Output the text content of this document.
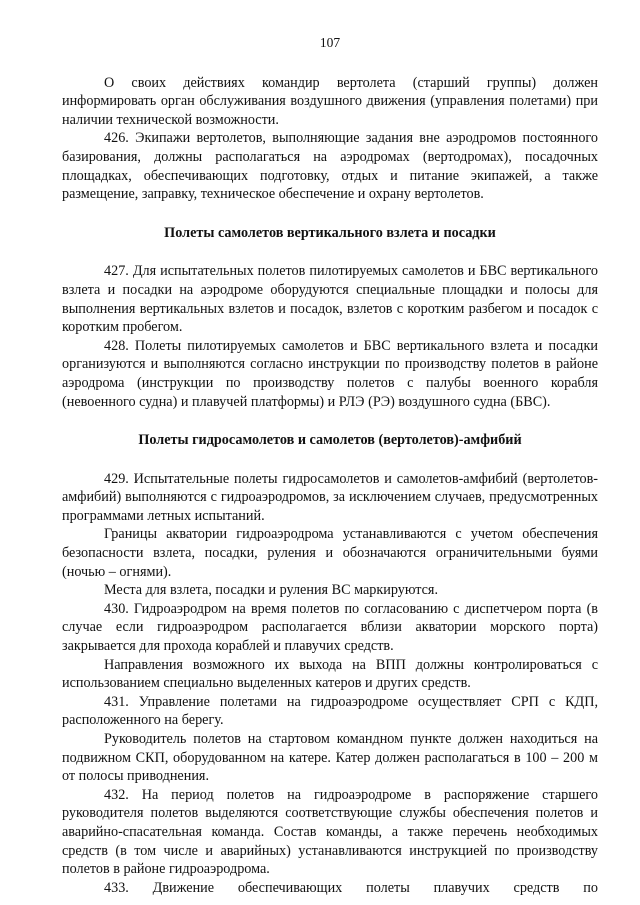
107

О своих действиях командир вертолета (старший группы) должен информировать орган обслуживания воздушного движения (управления полетами) при наличии технической возможности.

426. Экипажи вертолетов, выполняющие задания вне аэродромов постоянного базирования, должны располагаться на аэродромах (вертодромах), посадочных площадках, обеспечивающих подготовку, отдых и питание экипажей, а также размещение, заправку, техническое обеспечение и охрану вертолетов.

Полеты самолетов вертикального взлета и посадки

427. Для испытательных полетов пилотируемых самолетов и БВС вертикального взлета и посадки на аэродроме оборудуются специальные площадки и полосы для выполнения вертикальных взлетов и посадок, взлетов с коротким разбегом и посадок с коротким пробегом.

428. Полеты пилотируемых самолетов и БВС вертикального взлета и посадки организуются и выполняются согласно инструкции по производству полетов в районе аэродрома (инструкции по производству полетов с палубы военного корабля (невоенного судна) и плавучей платформы) и РЛЭ (РЭ) воздушного судна (БВС).

Полеты гидросамолетов и самолетов (вертолетов)-амфибий

429. Испытательные полеты гидросамолетов и самолетов-амфибий (вертолетов-амфибий) выполняются с гидроаэродромов, за исключением случаев, предусмотренных программами летных испытаний.

Границы акватории гидроаэродрома устанавливаются с учетом обеспечения безопасности взлета, посадки, руления и обозначаются ограничительными буями (ночью – огнями).

Места для взлета, посадки и руления ВС маркируются.

430. Гидроаэродром на время полетов по согласованию с диспетчером порта (в случае если гидроаэродром располагается вблизи акватории морского порта) закрывается для прохода кораблей и плавучих средств.

Направления возможного их выхода на ВПП должны контролироваться с использованием специально выделенных катеров и других средств.

431. Управление полетами на гидроаэродроме осуществляет СРП с КДП, расположенного на берегу.

Руководитель полетов на стартовом командном пункте должен находиться на подвижном СКП, оборудованном на катере. Катер должен располагаться в 100 – 200 м от полосы приводнения.

432. На период полетов на гидроаэродроме в распоряжение старшего руководителя полетов выделяются соответствующие службы обеспечения полетов и аварийно-спасательная команда. Состав команды, а также перечень необходимых средств (в том числе и аварийных) устанавливаются инструкцией по производству полетов в районе гидроаэродрома.

433. Движение обеспечивающих полеты плавучих средств по
